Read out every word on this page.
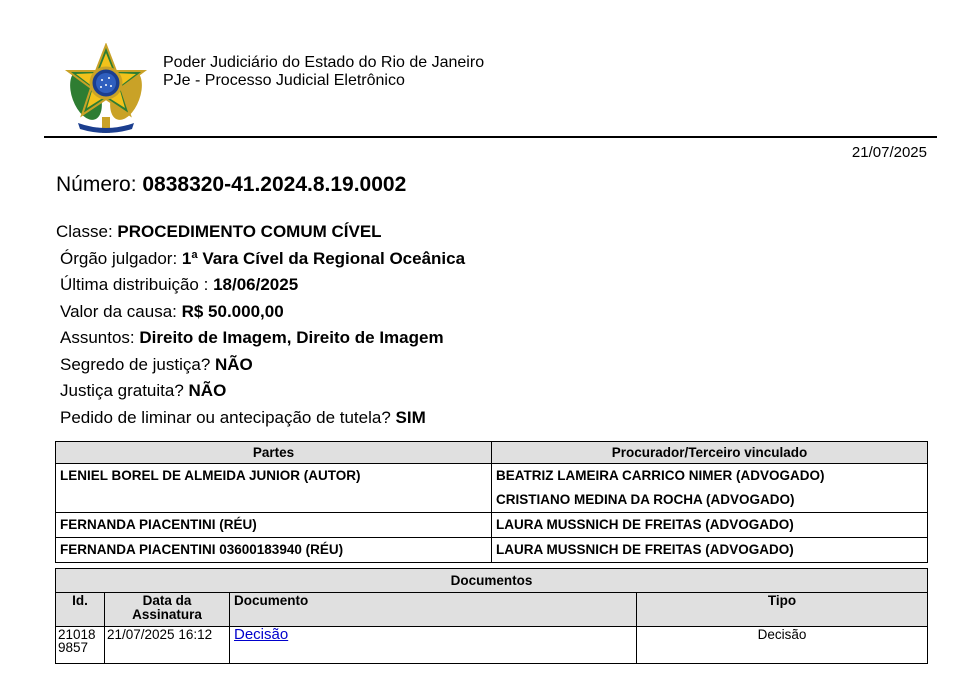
Poder Judiciário do Estado do Rio de Janeiro
PJe - Processo Judicial Eletrônico
21/07/2025
Número: 0838320-41.2024.8.19.0002
Classe: PROCEDIMENTO COMUM CÍVEL
Órgão julgador: 1ª Vara Cível da Regional Oceânica
Última distribuição : 18/06/2025
Valor da causa: R$ 50.000,00
Assuntos: Direito de Imagem, Direito de Imagem
Segredo de justiça? NÃO
Justiça gratuita? NÃO
Pedido de liminar ou antecipação de tutela? SIM
Partes	Procurador/Terceiro vinculado

LENIEL BOREL DE ALMEIDA JUNIOR (AUTOR)	BEATRIZ LAMEIRA CARRICO NIMER (ADVOGADO)
CRISTIANO MEDINA DA ROCHA (ADVOGADO)

FERNANDA PIACENTINI (RÉU)	LAURA MUSSNICH DE FREITAS (ADVOGADO)

FERNANDA PIACENTINI 03600183940 (RÉU)	LAURA MUSSNICH DE FREITAS (ADVOGADO)
Documentos			
Id.	Data da Assinatura	Documento	Tipo
210189857	21/07/2025 16:12	Decisão	Decisão
